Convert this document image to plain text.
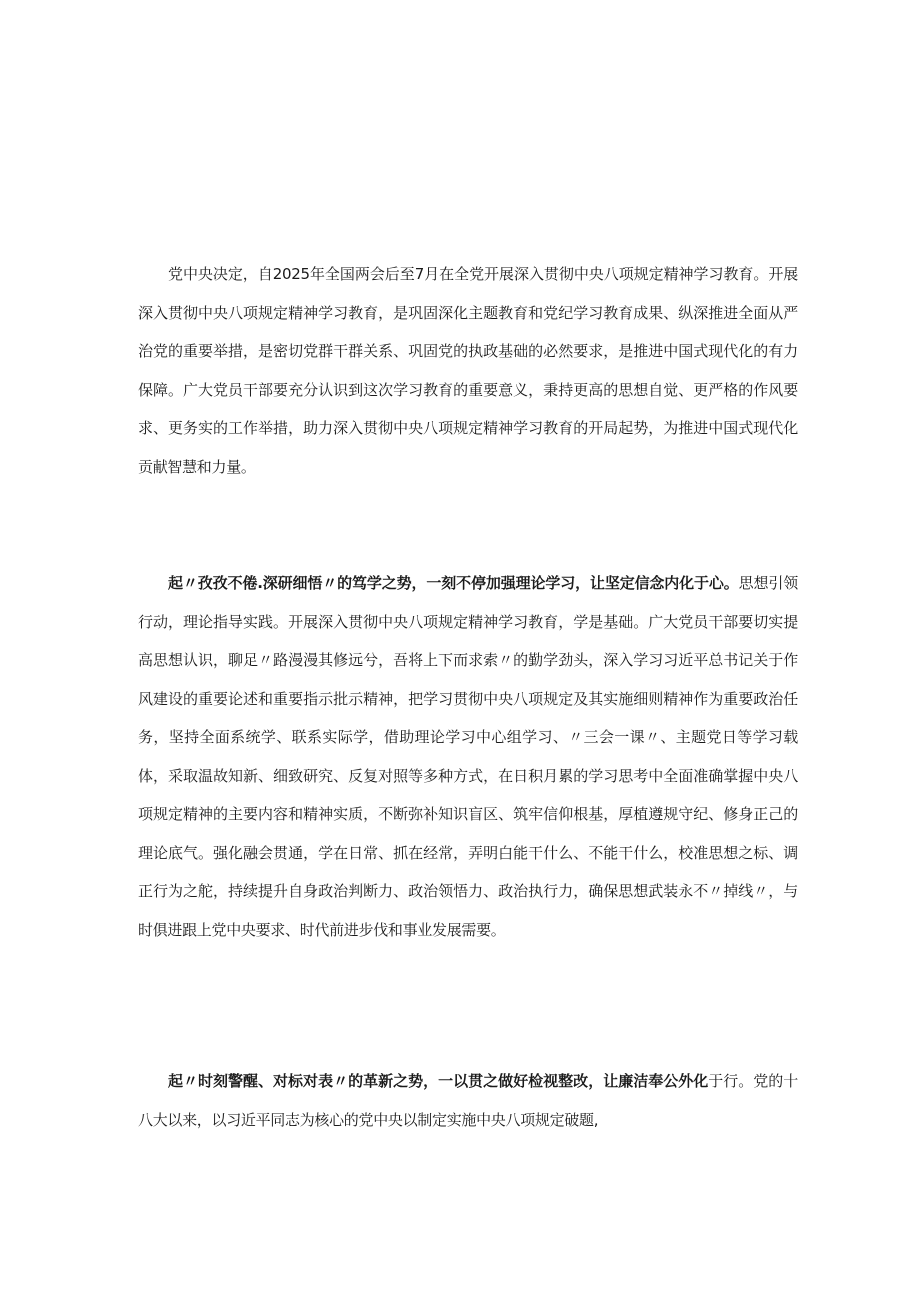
党中央决定，自2025年全国两会后至7月在全党开展深入贯彻中央八项规定精神学习教育。开展深入贯彻中央八项规定精神学习教育，是巩固深化主题教育和党纪学习教育成果、纵深推进全面从严治党的重要举措，是密切党群干群关系、巩固党的执政基础的必然要求，是推进中国式现代化的有力保障。广大党员干部要充分认识到这次学习教育的重要意义，秉持更高的思想自觉、更严格的作风要求、更务实的工作举措，助力深入贯彻中央八项规定精神学习教育的开局起势，为推进中国式现代化贡献智慧和力量。

起〃孜孜不倦.深研细悟〃的笃学之势，一刻不停加强理论学习，让坚定信念内化于心。思想引领行动，理论指导实践。开展深入贯彻中央八项规定精神学习教育，学是基础。广大党员干部要切实提高思想认识，聊足〃路漫漫其修远兮，吾将上下而求索〃的勤学劲头，深入学习习近平总书记关于作风建设的重要论述和重要指示批示精神，把学习贯彻中央八项规定及其实施细则精神作为重要政治任务，坚持全面系统学、联系实际学，借助理论学习中心组学习、〃三会一课〃、主题党日等学习载体，采取温故知新、细致研究、反复对照等多种方式，在日积月累的学习思考中全面准确掌握中央八项规定精神的主要内容和精神实质，不断弥补知识盲区、筑牢信仰根基，厚植遵规守纪、修身正己的理论底气。强化融会贯通，学在日常、抓在经常，弄明白能干什么、不能干什么，校准思想之标、调正行为之舵，持续提升自身政治判断力、政治领悟力、政治执行力，确保思想武装永不〃掉线〃，与时俱进跟上党中央要求、时代前进步伐和事业发展需要。

起〃时刻警醒、对标对表〃的革新之势，一以贯之做好检视整改，让廉洁奉公外化于行。党的十八大以来，以习近平同志为核心的党中央以制定实施中央八项规定破题,
